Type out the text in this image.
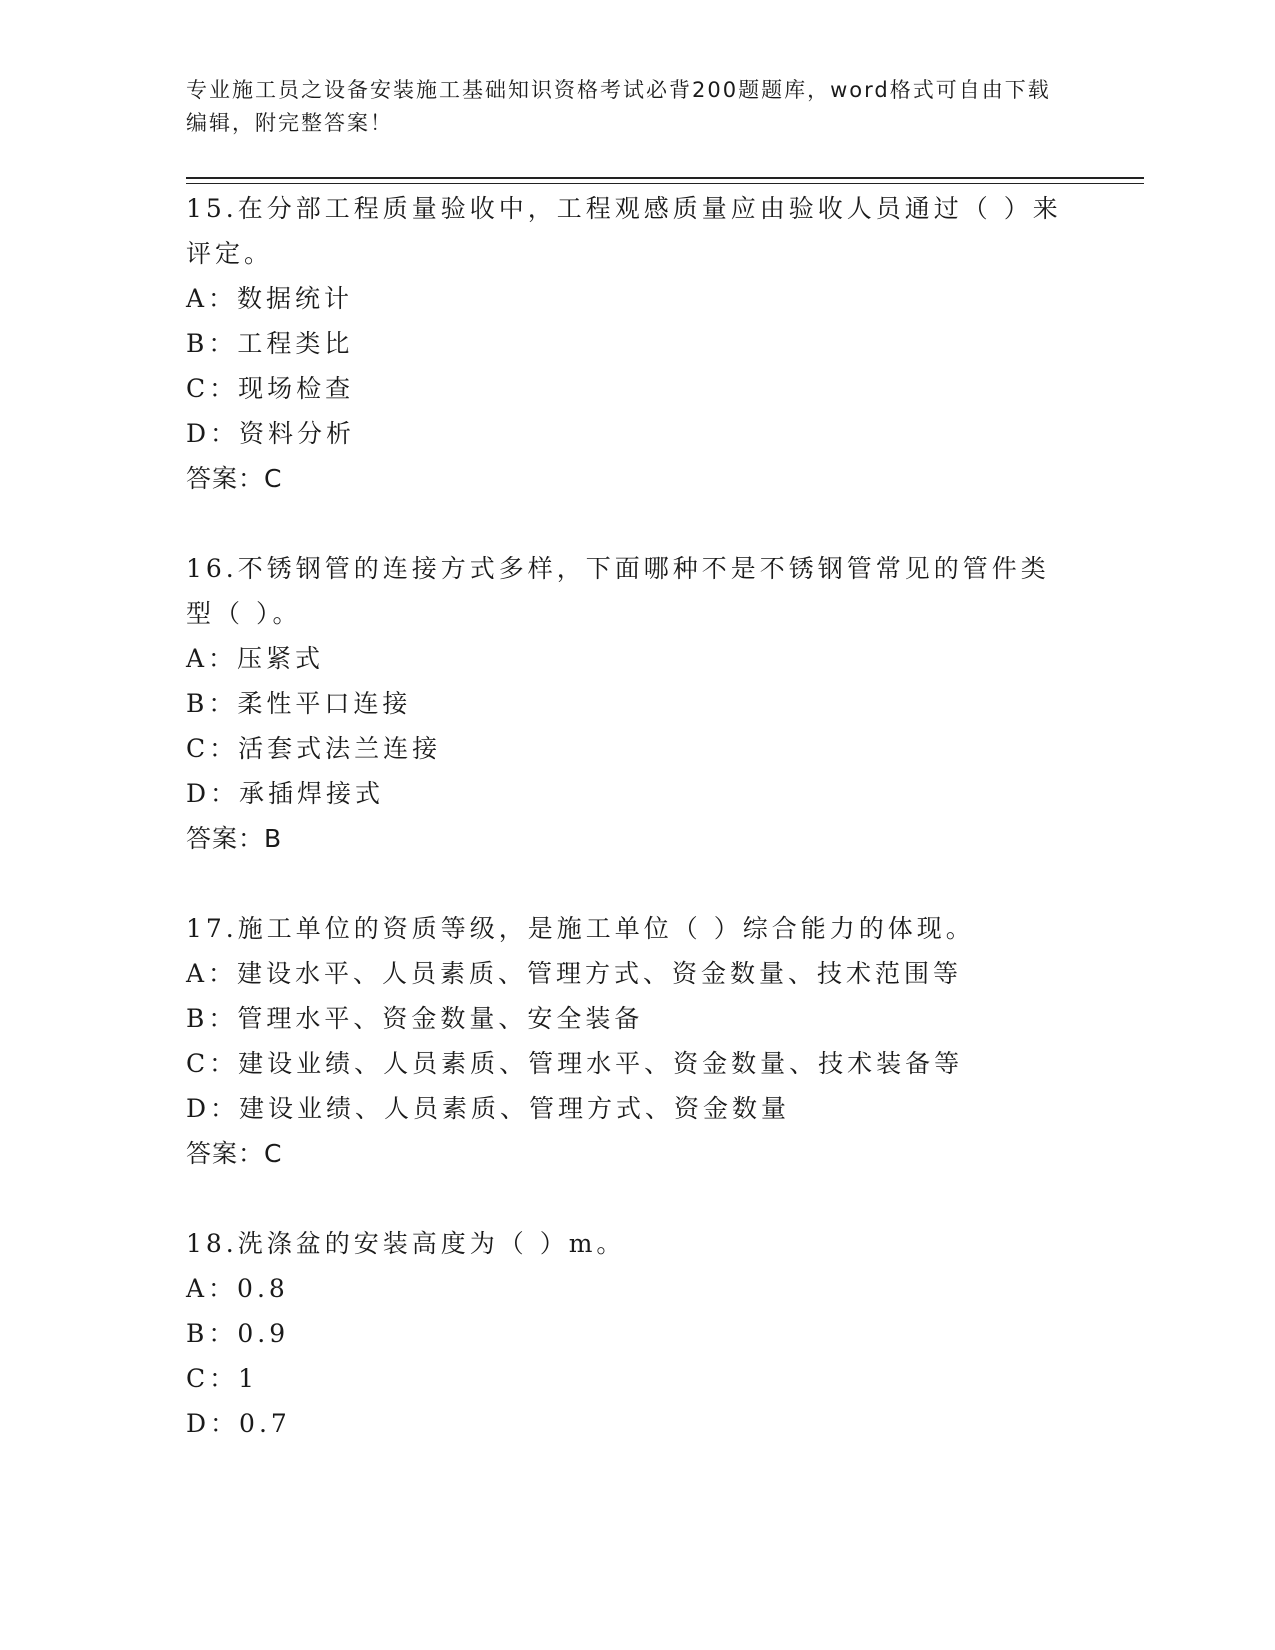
专业施工员之设备安装施工基础知识资格考试必背200题题库，word格式可自由下载编辑，附完整答案！
15.在分部工程质量验收中，工程观感质量应由验收人员通过（ ）来评定。
A：数据统计
B：工程类比
C：现场检查
D：资料分析
答案：C
16.不锈钢管的连接方式多样，下面哪种不是不锈钢管常见的管件类型（ ）。
A：压紧式
B：柔性平口连接
C：活套式法兰连接
D：承插焊接式
答案：B
17.施工单位的资质等级，是施工单位（ ）综合能力的体现。
A：建设水平、人员素质、管理方式、资金数量、技术范围等
B：管理水平、资金数量、安全装备
C：建设业绩、人员素质、管理水平、资金数量、技术装备等
D：建设业绩、人员素质、管理方式、资金数量
答案：C
18.洗涤盆的安装高度为（ ）m。
A：0.8
B：0.9
C：1
D：0.7
